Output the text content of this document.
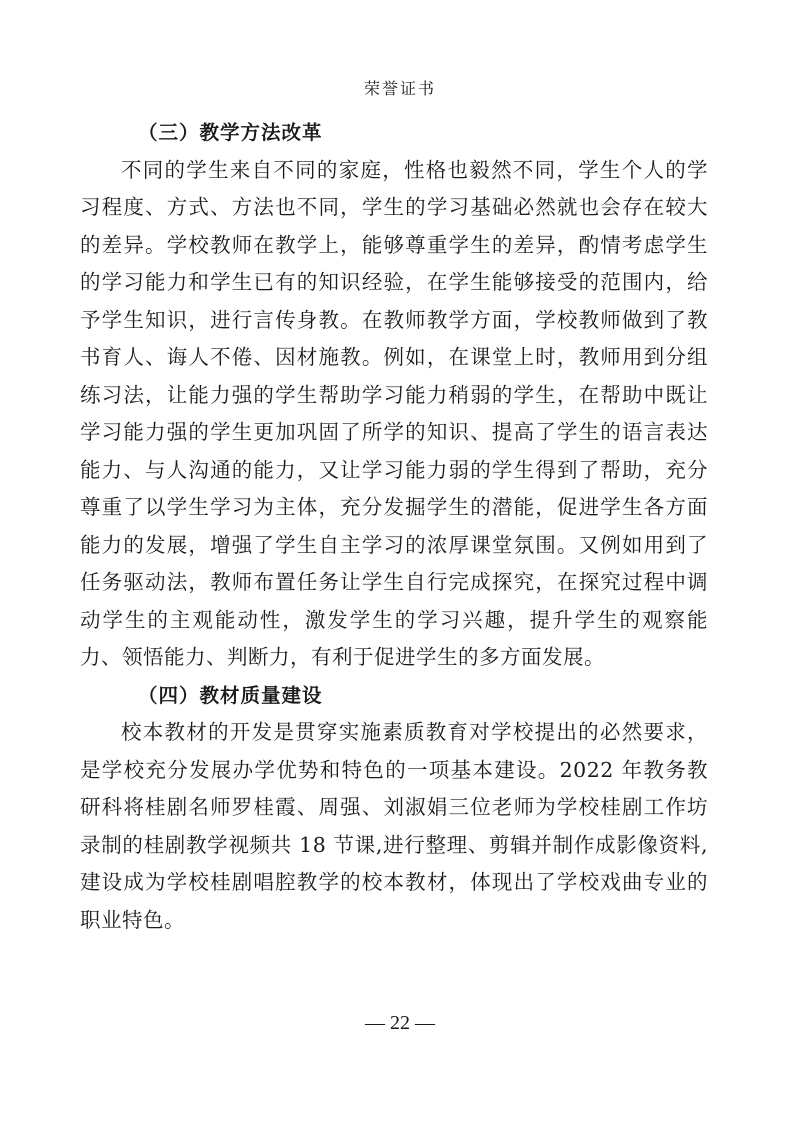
荣誉证书

（三）教学方法改革

不同的学生来自不同的家庭，性格也毅然不同，学生个人的学习程度、方式、方法也不同，学生的学习基础必然就也会存在较大的差异。学校教师在教学上，能够尊重学生的差异，酌情考虑学生的学习能力和学生已有的知识经验，在学生能够接受的范围内，给予学生知识，进行言传身教。在教师教学方面，学校教师做到了教书育人、诲人不倦、因材施教。例如，在课堂上时，教师用到分组练习法，让能力强的学生帮助学习能力稍弱的学生，在帮助中既让学习能力强的学生更加巩固了所学的知识、提高了学生的语言表达能力、与人沟通的能力，又让学习能力弱的学生得到了帮助，充分尊重了以学生学习为主体，充分发掘学生的潜能，促进学生各方面能力的发展，增强了学生自主学习的浓厚课堂氛围。又例如用到了任务驱动法，教师布置任务让学生自行完成探究，在探究过程中调动学生的主观能动性，激发学生的学习兴趣，提升学生的观察能力、领悟能力、判断力，有利于促进学生的多方面发展。

（四）教材质量建设

校本教材的开发是贯穿实施素质教育对学校提出的必然要求，是学校充分发展办学优势和特色的一项基本建设。2022 年教务教研科将桂剧名师罗桂霞、周强、刘淑娟三位老师为学校桂剧工作坊录制的桂剧教学视频共 18 节课,进行整理、剪辑并制作成影像资料,建设成为学校桂剧唱腔教学的校本教材，体现出了学校戏曲专业的职业特色。

— 22 —
